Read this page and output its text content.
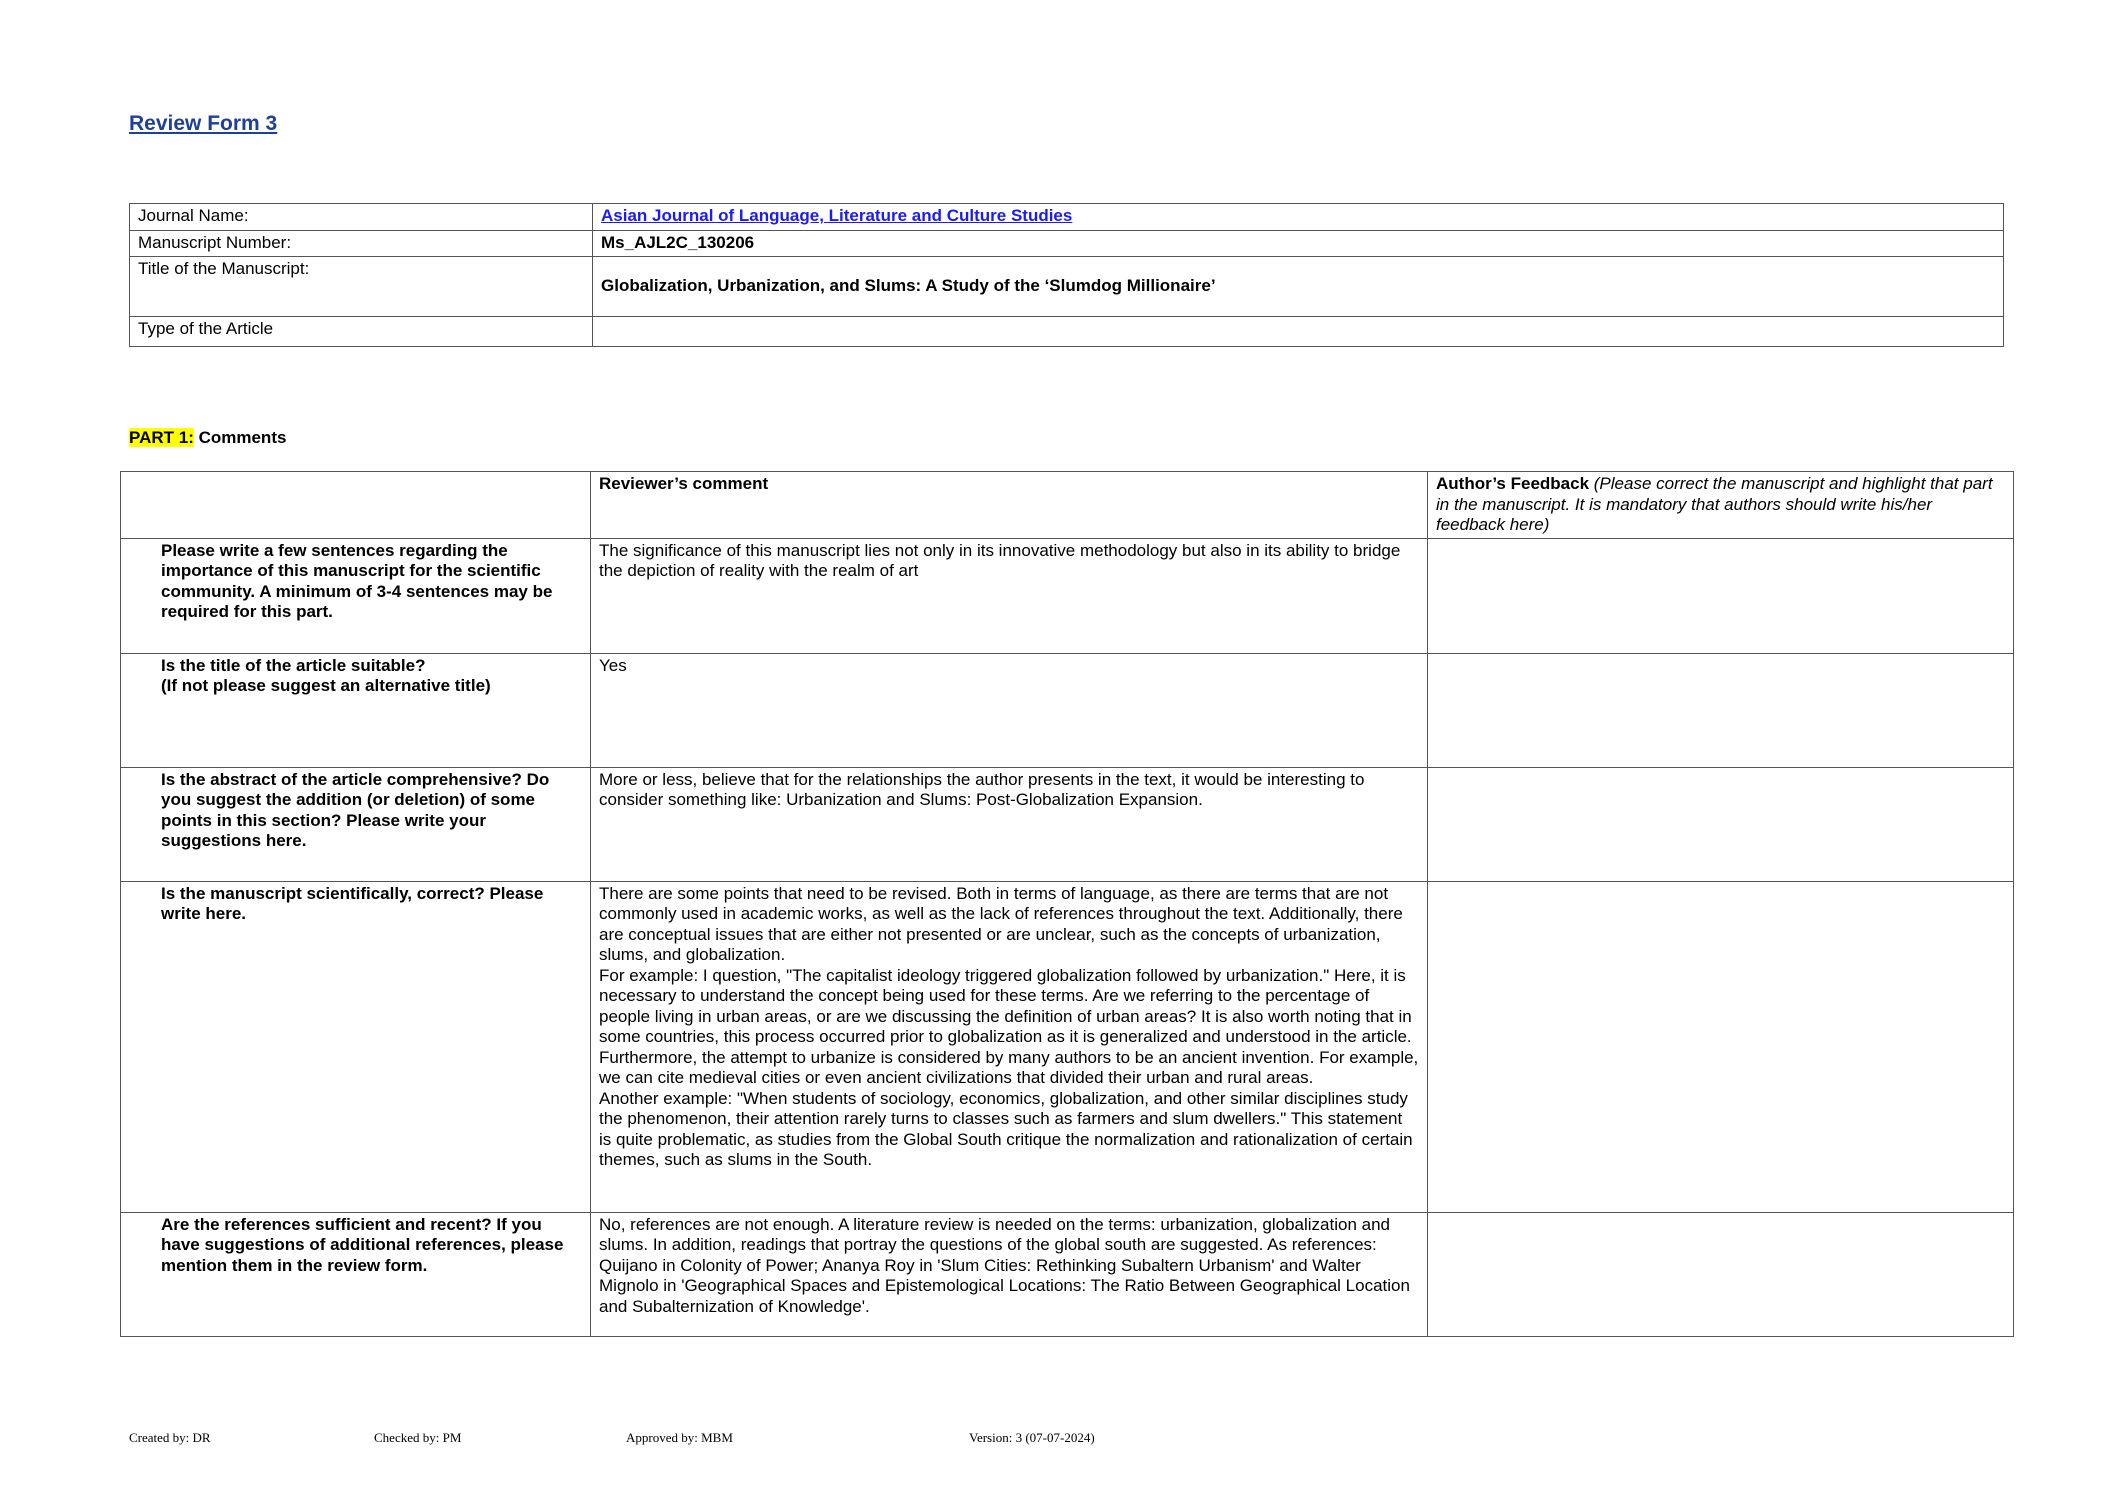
Review Form 3
Journal Name:	Asian Journal of Language, Literature and Culture Studies
Manuscript Number:	Ms_AJL2C_130206
Title of the Manuscript:	Globalization, Urbanization, and Slums: A Study of the ‘Slumdog Millionaire’
Type of the Article	
PART 1: Comments
	Reviewer’s comment	Author’s Feedback (Please correct the manuscript and highlight that part in the manuscript. It is mandatory that authors should write his/her feedback here)
Please write a few sentences regarding the importance of this manuscript for the scientific community. A minimum of 3-4 sentences may be required for this part.	The significance of this manuscript lies not only in its innovative methodology but also in its ability to bridge the depiction of reality with the realm of art	

Is the title of the article suitable?
(If not please suggest an alternative title)	Yes	

Is the abstract of the article comprehensive? Do you suggest the addition (or deletion) of some points in this section? Please write your suggestions here.	More or less, believe that for the relationships the author presents in the text, it would be interesting to consider something like: Urbanization and Slums: Post-Globalization Expansion.	

Is the manuscript scientifically, correct? Please write here.	There are some points that need to be revised. Both in terms of language, as there are terms that are not commonly used in academic works, as well as the lack of references throughout the text. Additionally, there are conceptual issues that are either not presented or are unclear, such as the concepts of urbanization, slums, and globalization.
For example: I question, "The capitalist ideology triggered globalization followed by urbanization." Here, it is necessary to understand the concept being used for these terms. Are we referring to the percentage of people living in urban areas, or are we discussing the definition of urban areas? It is also worth noting that in some countries, this process occurred prior to globalization as it is generalized and understood in the article. Furthermore, the attempt to urbanize is considered by many authors to be an ancient invention. For example, we can cite medieval cities or even ancient civilizations that divided their urban and rural areas.
Another example: "When students of sociology, economics, globalization, and other similar disciplines study the phenomenon, their attention rarely turns to classes such as farmers and slum dwellers." This statement is quite problematic, as studies from the Global South critique the normalization and rationalization of certain themes, such as slums in the South.	

Are the references sufficient and recent? If you have suggestions of additional references, please mention them in the review form.	No, references are not enough. A literature review is needed on the terms: urbanization, globalization and slums. In addition, readings that portray the questions of the global south are suggested. As references: Quijano in Colonity of Power; Ananya Roy in 'Slum Cities: Rethinking Subaltern Urbanism' and Walter Mignolo in 'Geographical Spaces and Epistemological Locations: The Ratio Between Geographical Location and Subalternization of Knowledge'.	

Created by: DR	Checked by: PM	Approved by: MBM	Version: 3 (07-07-2024)
